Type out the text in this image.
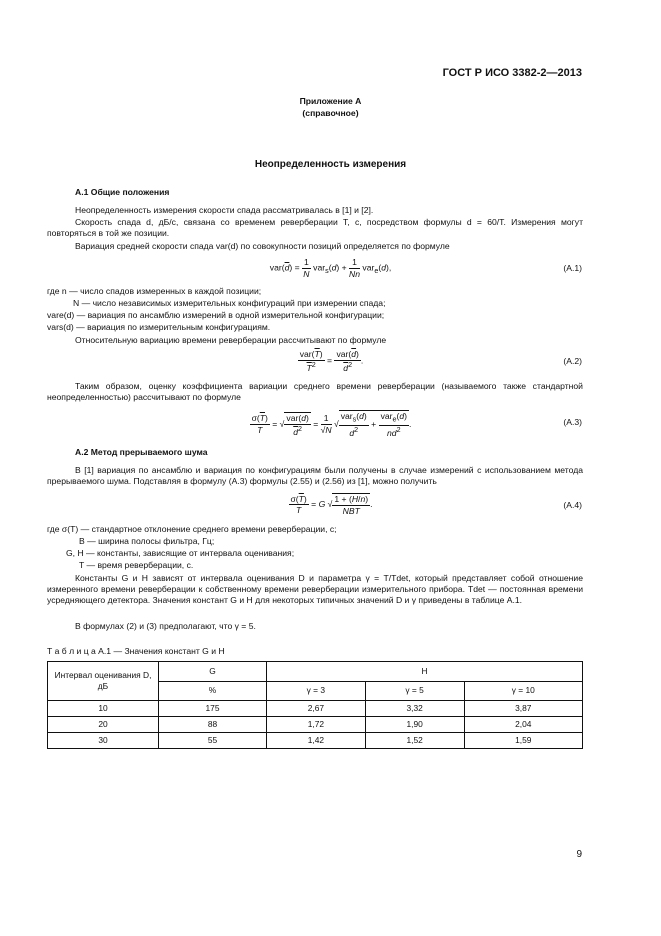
ГОСТ Р ИСО 3382-2—2013
Приложение А
(справочное)
Неопределенность измерения
А.1 Общие положения
Неопределенность измерения скорости спада рассматривалась в [1] и [2].
Скорость спада d, дБ/с, связана со временем реверберации T, с, посредством формулы d = 60/T. Измерения могут повторяться в той же позиции.
Вариация средней скорости спада var(d) по совокупности позиций определяется по формуле
$var(\overline{d}) = \frac{1}{N} var_s(d) + \frac{1}{Nn} var_e(d)$,	(A.1)
где n — число спадов измеренных в каждой позиции;
N — число независимых измерительных конфигураций при измерении спада;
vare(d) — вариация по ансамблю измерений в одной измерительной конфигурации;
vars(d) — вариация по измерительным конфигурациям.
Относительную вариацию времени реверберации рассчитывают по формуле
$\frac{var(\overline{T})}{\overline{T}^2} = \frac{var(\overline{d})}{\overline{d}^2}$ .	(A.2)
Таким образом, оценку коэффициента вариации среднего времени реверберации (называемого также стандартной неопределенностью) рассчитывают по формуле
$\frac{\sigma(\overline{T})}{T}$ = √ $\frac{var(\overline{d})}{\overline{d}^2} = \frac{1}{√N}$ √ $\frac{var_s(d)}{d^2} + \frac{var_e(d)}{nd^2}$ .	(A.3)
А.2 Метод прерываемого шума
В [1] вариация по ансамблю и вариация по конфигурациям были получены в случае измерений с использованием метода прерываемого шума. Подставляя в формулу (А.3) формулы (2.55) и (2.56) из [1], можно получить
$\frac{\sigma(\overline{T})}{T} = G$ √ $\frac{1 + (H/n)}{\text{NBT}}$ .	(A.4)
где σ(T) — стандартное отклонение среднего времени реверберации, с;
B — ширина полосы фильтра, Гц;
G, H — константы, зависящие от интервала оценивания;
T — время реверберации, с.
Константы G и H зависят от интервала оценивания D и параметра γ = T/Tdet, который представляет собой отношение измеренного времени реверберации к собственному времени реверберации измерительного прибора. Tdet — постоянная времени усредняющего детектора. Значения констант G и H для некоторых типичных значений D и γ приведены в таблице А.1.
В формулах (2) и (3) предполагают, что γ = 5.
Т а б л и ц а А.1 — Значения констант G и H
Интервал оценивания D, дБ	G	H		
	%	γ = 3	γ = 5	γ = 10
10	175	2,67	3,32	3,87
20	88	1,72	1,90	2,04
30	55	1,42	1,52	1,59
9
